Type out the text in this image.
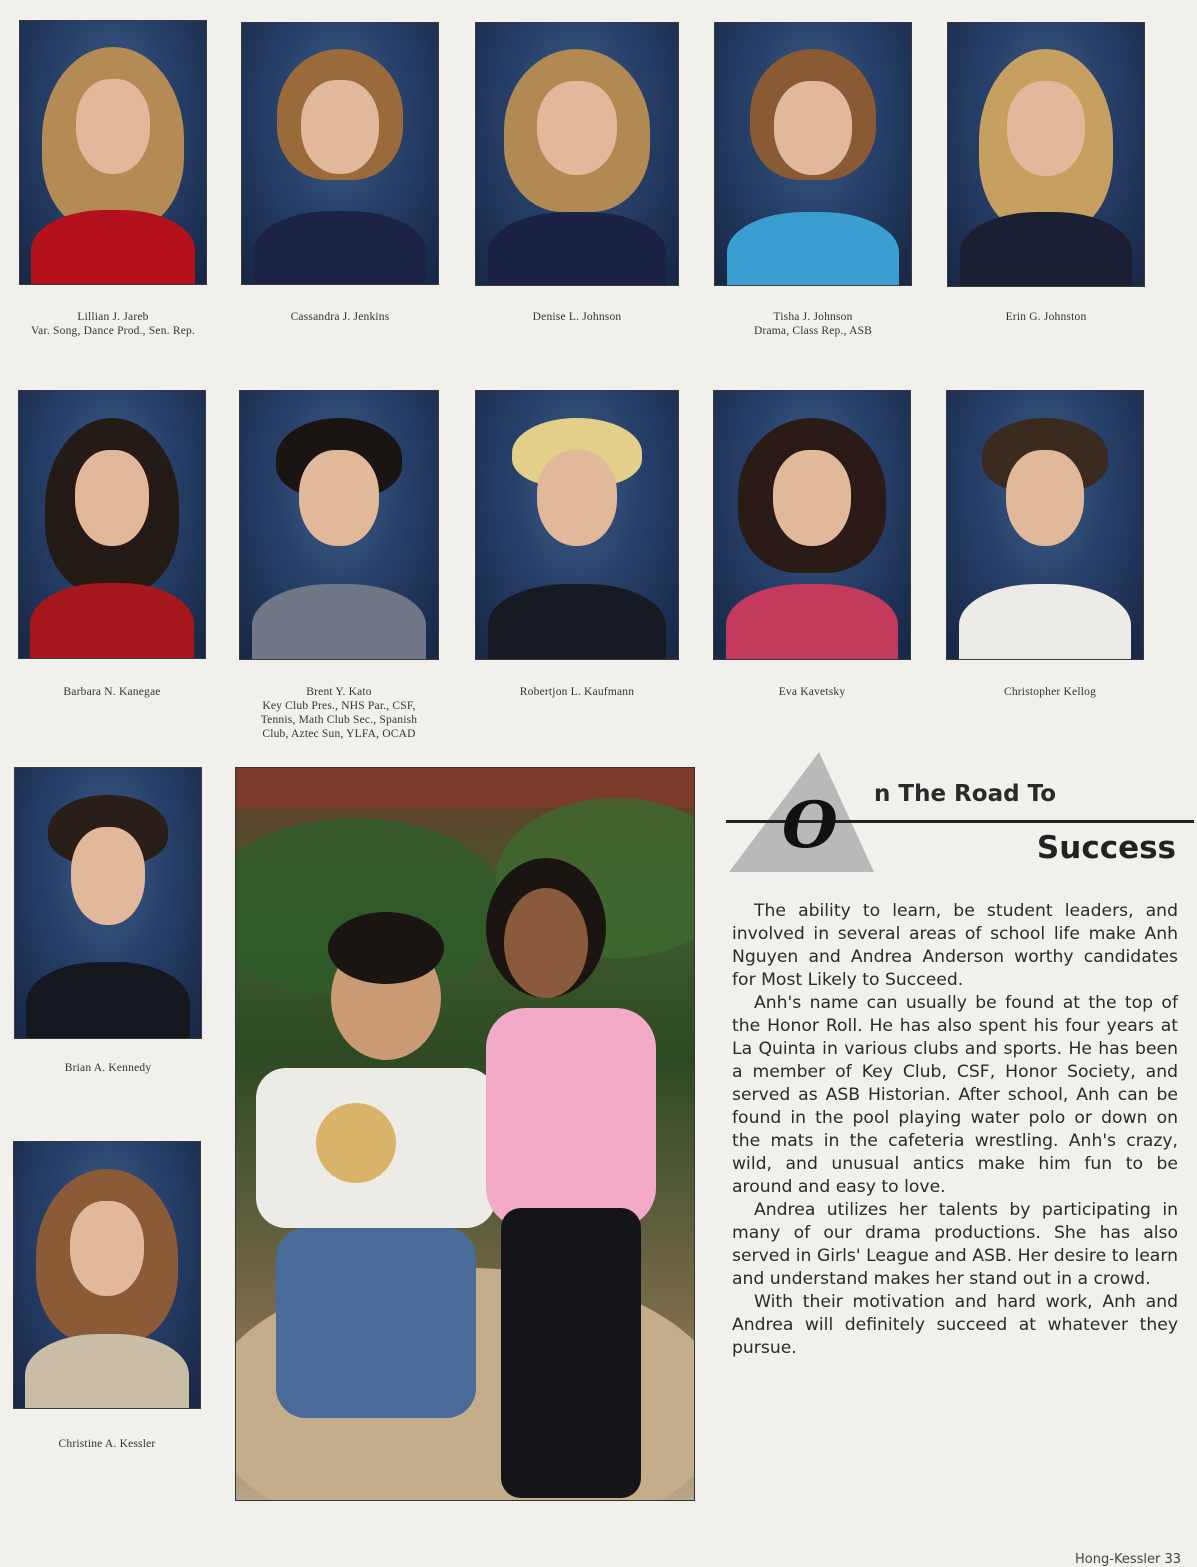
Lillian J. Jareb
Var. Song, Dance Prod., Sen. Rep.
Cassandra J. Jenkins	Denise L. Johnson	Tisha J. Johnson
Drama, Class Rep., ASB
Erin G. Johnston
Barbara N. Kanegae	Brent Y. Kato
Key Club Pres., NHS Par., CSF,
Tennis, Math Club Sec., Spanish
Club, Aztec Sun, YLFA, OCAD
Robertjon L. Kaufmann	Eva Kavetsky	Christopher Kellog
Brian A. Kennedy
Christine A. Kessler
O n The Road To
Success

The ability to learn, be student leaders, and involved in several areas of school life make Anh Nguyen and Andrea Anderson worthy candidates for Most Likely to Succeed.

Anh's name can usually be found at the top of the Honor Roll. He has also spent his four years at La Quinta in various clubs and sports. He has been a member of Key Club, CSF, Honor Society, and served as ASB Historian. After school, Anh can be found in the pool playing water polo or down on the mats in the cafeteria wrestling. Anh's crazy, wild, and unusual antics make him fun to be around and easy to love.

Andrea utilizes her talents by participating in many of our drama productions. She has also served in Girls' League and ASB. Her desire to learn and understand makes her stand out in a crowd.

With their motivation and hard work, Anh and Andrea will definitely succeed at whatever they pursue.

Hong-Kessler 33
